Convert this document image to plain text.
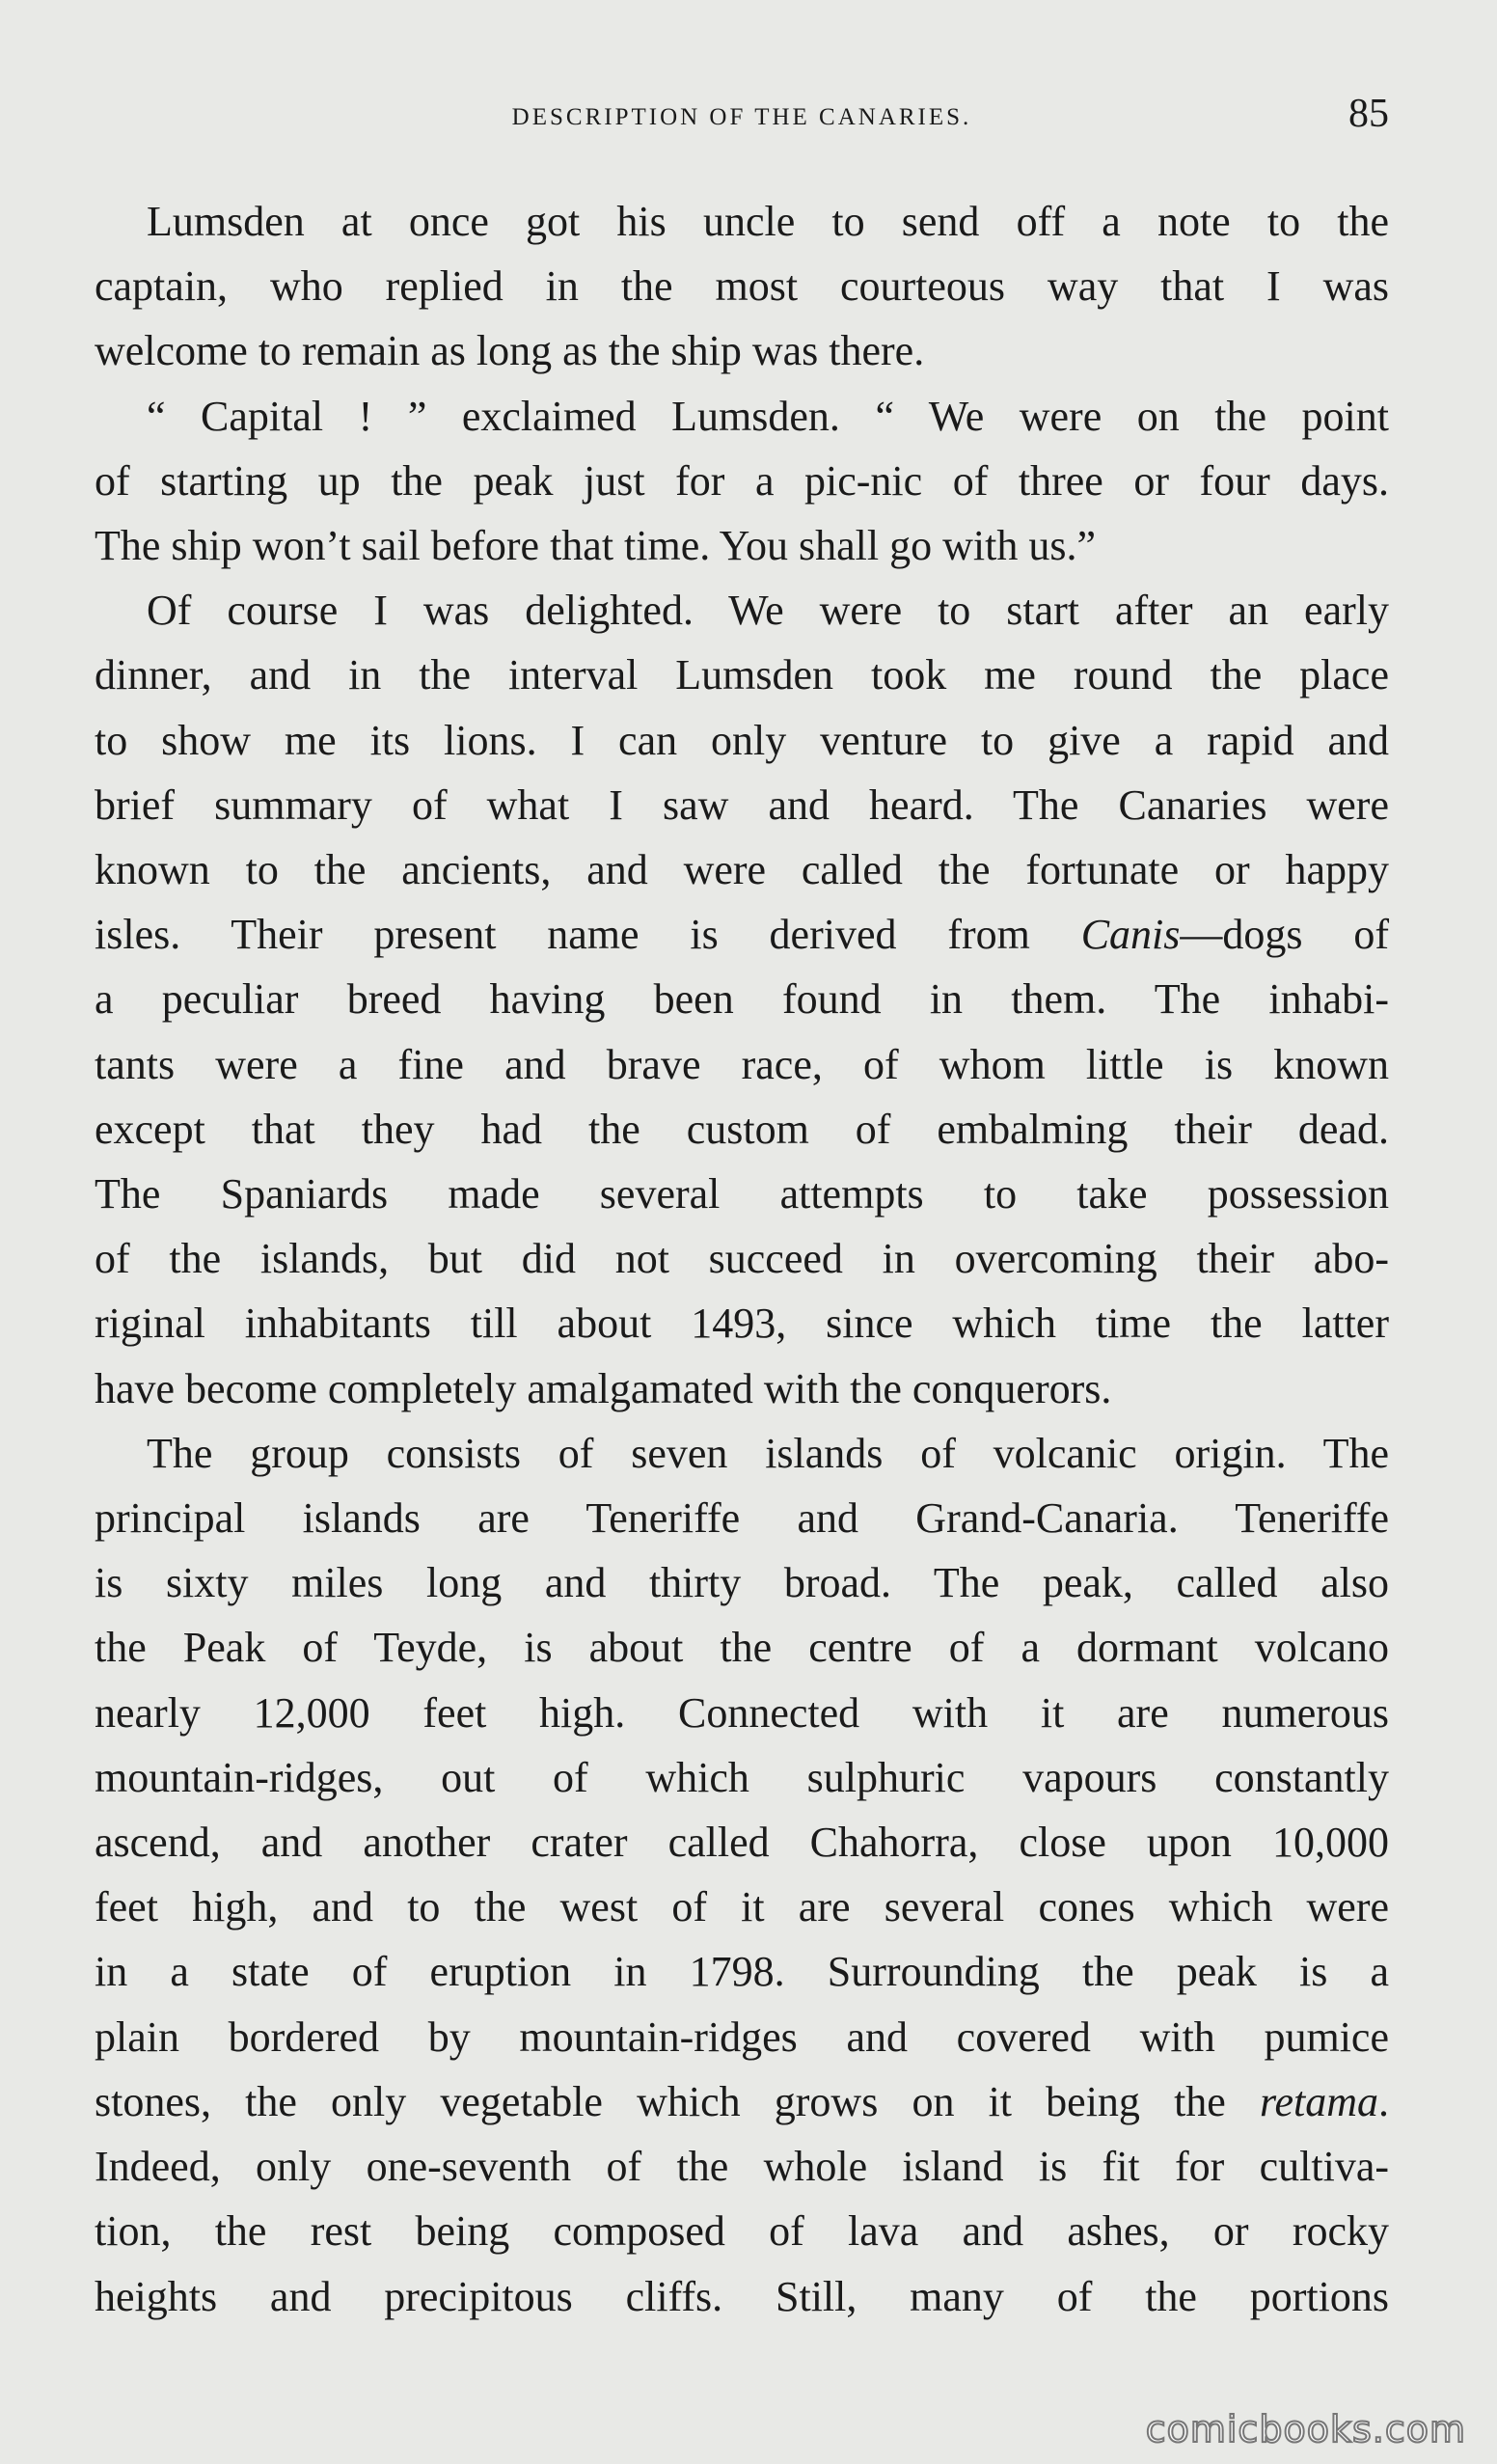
DESCRIPTION OF THE CANARIES.	85

Lumsden at once got his uncle to send off a note to the
captain, who replied in the most courteous way that I was
welcome to remain as long as the ship was there.

“ Capital ! ” exclaimed Lumsden. “ We were on the point
of starting up the peak just for a pic-nic of three or four days.
The ship won’t sail before that time. You shall go with us.”

Of course I was delighted. We were to start after an early
dinner, and in the interval Lumsden took me round the place
to show me its lions. I can only venture to give a rapid and
brief summary of what I saw and heard. The Canaries were
known to the ancients, and were called the fortunate or happy
isles. Their present name is derived from Canis—dogs of
a peculiar breed having been found in them. The inhabi-
tants were a fine and brave race, of whom little is known
except that they had the custom of embalming their dead.
The Spaniards made several attempts to take possession
of the islands, but did not succeed in overcoming their abo-
riginal inhabitants till about 1493, since which time the latter
have become completely amalgamated with the conquerors.

The group consists of seven islands of volcanic origin. The
principal islands are Teneriffe and Grand-Canaria. Teneriffe
is sixty miles long and thirty broad. The peak, called also
the Peak of Teyde, is about the centre of a dormant volcano
nearly 12,000 feet high. Connected with it are numerous
mountain-ridges, out of which sulphuric vapours constantly
ascend, and another crater called Chahorra, close upon 10,000
feet high, and to the west of it are several cones which were
in a state of eruption in 1798. Surrounding the peak is a
plain bordered by mountain-ridges and covered with pumice
stones, the only vegetable which grows on it being the retama.
Indeed, only one-seventh of the whole island is fit for cultiva-
tion, the rest being composed of lava and ashes, or rocky
heights and precipitous cliffs. Still, many of the portions

comicbooks.com
